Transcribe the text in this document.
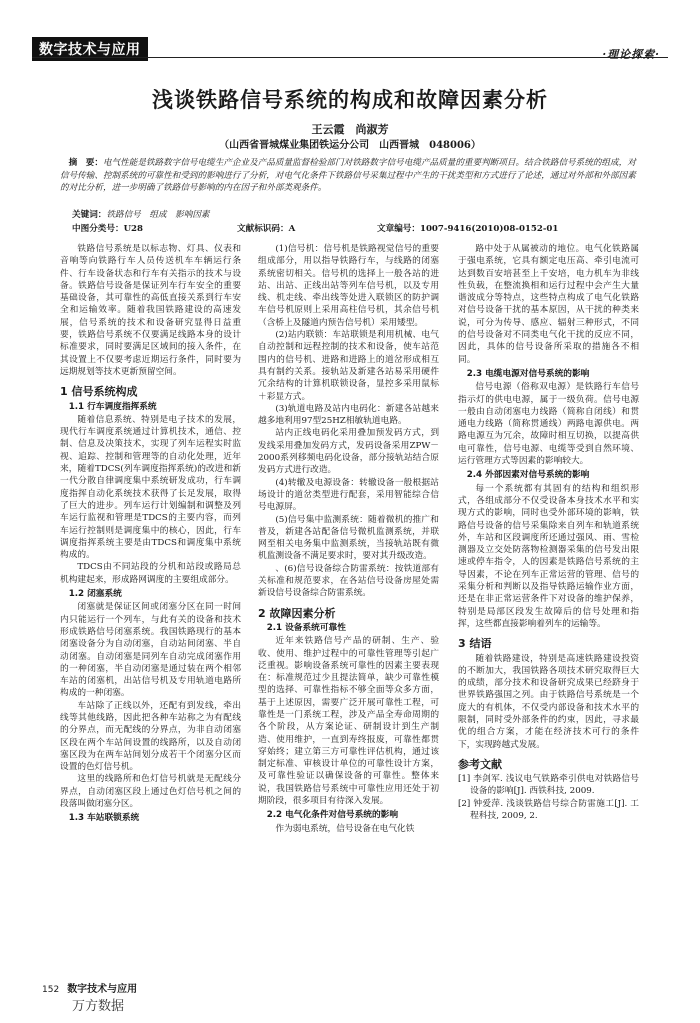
数字技术与应用	·理论探索·
浅谈铁路信号系统的构成和故障因素分析
王云霞　尚淑芳
（山西省晋城煤业集团铁运分公司　山西晋城　048006）
摘　要：电气性能是铁路数字信号电缆生产企业及产品质量监督检验部门对铁路数字信号电缆产品质量的重要判断项目。结合铁路信号系统的组成，对信号传输、控制系统的可靠性和受到的影响进行了分析，对电气化条件下铁路信号采集过程中产生的干扰类型和方式进行了论述，通过对外部和外部因素的对比分析，进一步明确了铁路信号影响的内在因子和外部类观条件。
关键词：铁路信号　组成　影响因素
中图分类号：U28	文献标识码：A	文章编号：1007-9416(2010)08-0152-01

铁路信号系统是以标志物、灯具、仪表和音响等向铁路行车人员传送机车车辆运行条件、行车设备状态和行车有关指示的技术与设备。铁路信号设备是保证列车行车安全的重要基础设备，其可靠性的高低直接关系到行车安全和运输效率。随着我国铁路建设的高速发展，信号系统的技术和设备研究显得日益重要，铁路信号系统不仅要满足线路本身的设计标准要求，同时要满足区域间的接入条件，在其设置上不仅要考虑近期运行条件，同时要为远期规划等技术更新预留空间。

1 信号系统构成
1.1 行车调度指挥系统

随着信息系统、特别是电子技术的发展，现代行车调度系统通过计算机技术，通信、控制、信息及决策技术，实现了列车运程实时监视、追踪、控制和管理等的自动化处理，近年来，随着TDCS(列车调度指挥系统)的改进和新一代分散自律调度集中系统研发成功，行车调度指挥自动化系统技术获得了长足发展，取得了巨大的进步。列车运行计划编制和调整及列车运行监视和管理是TDCS的主要内容，而列车运行控制则是调度集中的核心，因此，行车调度指挥系统主要是由TDCS和调度集中系统构成的。

TDCS由不同站段的分机和站段或路局总机构建起来，形成路网调度的主要组成部分。

1.2 闭塞系统

闭塞就是保证区间或闭塞分区在同一时间内只能运行一个列车，与此有关的设备和技术形成铁路信号闭塞系统。我国铁路现行的基本闭塞设备分为自动闭塞，自动站间闭塞、半自动闭塞。自动闭塞是同列车自动完成闭塞作用的一种闭塞，半自动闭塞是通过装在两个相邻车站的闭塞机，出站信号机及专用轨道电路所构成的一种闭塞。

车站除了正线以外，还配有到发线，牵出线等其他线路，因此把各种车站称之为有配线的分界点，而无配线的分界点，为非自动闭塞区段在两个车站间设置的线路所，以及自动闭塞区段为在两车站间划分成若干个闭塞分区而设置的色灯信号机。

这里的线路所和色灯信号机就是无配线分界点，自动闭塞区段上通过色灯信号机之间的段落叫做闭塞分区。

1.3 车站联锁系统

(1)信号机：信号机是铁路视觉信号的重要组成部分，用以指导铁路行车，与线路的闭塞系统密切相关。信号机的选择上一般各站的进站、出站、正线出站等列车信号机，以及专用线、机走线、牵出线等处进入联锁区的防护调车信号机原则上采用高柱信号机，其余信号机（含桥上及隧道内预告信号机）采用矮型。

(2)站内联锁：车站联锁是利用机械、电气自动控制和远程控制的技术和设备，使车站范围内的信号机、进路和进路上的道岔形成相互具有制约关系。接轨站及新建各站易采用硬件冗余结构的计算机联锁设备，显控多采用鼠标＋彩显方式。

(3)轨道电路及站内电码化：新建各站越来越多地利用97型25HZ相敏轨道电路。

站内正线电码化采用叠加预发码方式，到发线采用叠加发码方式，发码设备采用ZPW－2000系列移频电码化设备，部分接轨站结合原发码方式进行改造。

(4)转辙及电源设备：转辙设备一般根据站场设计的道岔类型进行配套，采用智能综合信号电源屏。

(5)信号集中监测系统：随着微机的推广和普及，新建各站配备信号微机监测系统，并联网至相关电务集中监测系统，当接轨站既有微机监测设备不满足要求时，要对其升级改造。

、(6)信号设备综合防雷系统：按铁道部有关标准和规范要求，在各站信号设备房屋处需新设信号设备综合防雷系统。

2 故障因素分析
2.1 设备系统可靠性

近年来铁路信号产品的研制、生产、验收、使用、维护过程中的可靠性管理等引起广泛重视。影响设备系统可靠性的因素主要表现在：标准规范过少且提法简单，缺少可靠性模型的选择、可靠性指标不够全面等众多方面，基于上述原因，需要广泛开展可靠性工程，可靠性是一门系统工程，涉及产品全寿命周期的各个阶段，从方案论证、研制设计到生产制造、使用维护，一直到寿终报废，可靠性都贯穿始终；建立第三方可靠性评估机构，通过该制定标准、审核设计单位的可靠性设计方案，及可靠性验证以确保设备的可靠性。整体来说，我国铁路信号系统中可靠性应用还处于初期阶段，很多项目有待深入发展。

2.2 电气化条件对信号系统的影响

作为弱电系统，信号设备在电气化铁

路中处于从属被动的地位。电气化铁路属于强电系统，它具有额定电压高、牵引电流可达到数百安培甚至上千安培，电力机车为非线性负载，在整流换相和运行过程中会产生大量谐波成分等特点，这些特点构成了电气化铁路对信号设备干扰的基本原因，从干扰的种类来说，可分为传导、感应、辐射三种形式，不同的信号设备对不同类电气化干扰的反应不同，因此，具体的信号设备所采取的措施各不相同。

2.3 电缆电源对信号系统的影响

信号电源（俗称双电源）是铁路行车信号指示灯的供电电源，属于一级负荷。信号电源一般由自动闭塞电力线路（简称自闭线）和贯通电力线路（简称贯通线）两路电源供电。两路电源互为冗余，故障时相互切换，以提高供电可靠性，信号电源、电缆等受到自然环境、运行管理方式等因素的影响较大。

2.4 外部因素对信号系统的影响

每一个系统都有其固有的结构和组织形式，各组成部分不仅受设备本身技术水平和实现方式的影响，同时也受外部环境的影响，铁路信号设备的信号采集除来自列车和轨道系统外，车站和区段调度所还通过强风、雨、雪检测器及立交处防落物检测器采集的信号发出限速或停车指令，人的因素是铁路信号系统的主导因素，不论在列车正常运营的管理、信号的采集分析和判断以及指导铁路运输作业方面，还是在非正常运营条件下对设备的维护保养，特别是局部区段发生故障后的信号处理和指挥，这些都直接影响着列车的运输等。

3 结语

随着铁路建设，特别是高速铁路建设投资的不断加大，我国铁路各项技术研究取得巨大的成绩，部分技术和设备研究成果已经跻身于世界铁路强国之列。由于铁路信号系统是一个庞大的有机体，不仅受内部设备和技术水平的限制，同时受外部条件的约束，因此，寻求最优的组合方案，才能在经济技术可行的条件下，实现跨越式发展。

参考文献

[1] 李剑军. 浅议电气铁路牵引供电对铁路信号设备的影响[J]. 西铁科技, 2009.

[2] 钟爱萍. 浅谈铁路信号综合防雷施工[J]. 工程科技, 2009, 2.

152 数字技术与应用
万方数据
